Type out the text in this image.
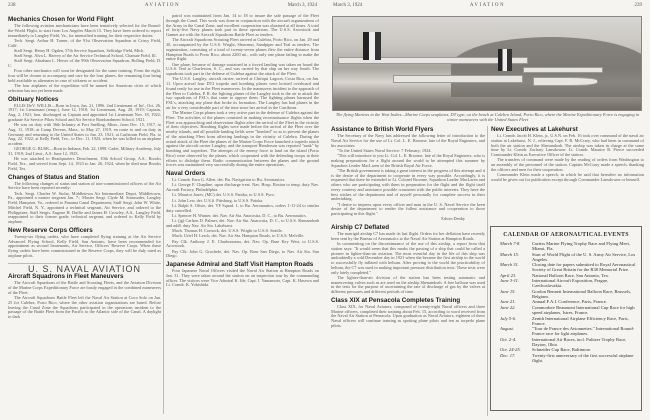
238	AVIATION	March 3, 1924
Mechanics Chosen for World Flight

The following aviation mechanicians have been tentatively selected for the Round-the-World Flight, to start from Los Angeles March 15. They have been ordered to report immediately to Langley Field, Va., for intensified training for their respective duties:

Tech. Sergt. Arthur H. Turner, of the 91st Observation Squadron at Crissy Field, Calif.

Staff Sergt. Henry H. Ogden, 57th Service Squadron, Selfridge Field, Mich.

Staff Sergt. Alva L. Harvey of the Air Service Technical School, Chanute Field, Ill.

Staff Sergt. Abraham L. Heiser of the 99th Observation Squadron, Bolling Field, D. C.

Four other mechanics will soon be designated for the same training. From the eight, four will be chosen to accompany and care for the four planes, the remaining four being held available as alternates in case of sickness or accident.

The four airplanes of the expedition will be named for American cities of which selection has not yet been made.

Obituary Notices

ELLIS DeV. WILLIS—Born in Iowa, Jan. 21, 1896. 2nd Lieutenant of Inf., Oct. 26, 1917; 1st Lieutenant (temp.), June 12, 1918; 1st Lieutenant, Aug. 28, 1919; Captain, Aug. 2, 1921; hon. discharged as Captain and appointed 1st Lieutenant Nov. 18, 1922; graduate Air Service Pilots School and Air Service Bombardment School, 1921.

He was on duty with 36th Infantry at Fort Snelling, Minn., from Dec. 15, 1917, to Aug. 11, 1918; at Camp Devens, Mass., to May 27, 1919, en route to and on duty in Germany and returning to the United States to Jan. 23, 1921; at Carlstrom Field, Fla. to Aug. 22, 1922; at Kelly Field, Tex., to Dec. 11, 1923, when he was killed in an airplane accident.

GEORGE G. BUSK—Born in Indiana, Feb. 22, 1898. Cadet, Military Academy, July 31, 1919; 2nd Lieut., A.S. June 12, 1923.

He was attached to Headquarters Detachment, 10th School Group, A.S., Brooks Field, Tex., and served from Sept. 14, 1923 to Jan. 26, 1924, when he died near Brooks Field, Tex.

Changes of Status and Station

The following changes of status and station of non-commissioned officers of the Air Service have been reported recently:

Tech. Sergt. Charles W. Stolar, Middletown Air Intermediate Depot, Middletown, Pa., appointed a master sergeant Jan. 7.; Master Sergt. Clyde M. Strausader, Langley Field, Hampton, Va., ordered to Panama Canal Department; Staff Sergt. John W. White, Mitchel Field, N. Y., appointed a technical sergeant, Air Service, and ordered to the Philippines; Staff Sergts. Eugene H. Duffie and James H. Crowley, A.S., Langley Field, reappointed to their former grade, technical sergeant, and ordered to Kelly Field by airplane.

New Reserve Corps Officers

Twenty-six flying cadets, who have completed flying training at the Air Service Advanced Flying School, Kelly Field, San Antonio, have been recommended for appointment as second lieutenants, Air Service, Officers' Reserve Corps. When these flying cadets have been commissioned in the Reserve Corps, they will be duly rated as airplane pilots.

U. S. NAVAL AVIATION
Aircraft Squadrons in Fleet Maneuvers

The Aircraft Squadrons of the Battle and Scouting Fleets, and the Aviation Division of the Marine Corps Expeditionary Force are busily engaged in the combined maneuvers of the Fleet.

The Aircraft Squadrons Battle Fleet left the Naval Air Station at Coco Solo on Jan. 25 for Culebra, Porto Rico, where the other aviation organizations are based. Before leaving the Canal Zone the Squadrons participated in the operations incident to the passage of the Battle Fleet from the Pacific to the Atlantic side of the Canal. A daylight to dark

patrol was maintained from Jan. 14 to 18 to insure the safe passage of the Fleet through the Canal. This work was done in conjunction with the aircraft organizations of the Army in the Canal Zone, and excellent cooperation was obtained at all times. A total of forty-five Navy planes took part in these operations. The U.S.S. Aroostook and Gannet are with the Aircraft Squadrons Battle Fleet as tenders.

The Aircraft Squadrons Scouting Fleet arrived at Culebra, Porto Rico, on Jan. 29 and 30, accompanied by the U.S.S. Wright, Shawmut, Sandpiper and Teal as tenders. The organization, consisting of a total of twenty-seven planes flew the entire distance from Hampton Roads to Porto Rico, about 2200 mi., with only one plane failing to make the entire flight.

One plane, because of damage sustained in a forced landing was taken on board the U.S.S. Teal at Charleston, S. C., and was carried by that ship on her way South. The squadrons took part in the defense of Culebra against the attack of the Fleet.

The U.S.S. Langley, aircraft carrier, arrived at Chiriqui Lagoon, Costa Rica, on Jan. 11. Upon arrival four DT2 torpedo and bombing planes were hoisted overboard and found ready for use in the Fleet maneuvers. In the maneuvers incident to the approach of the Fleet to Culebra, P. R. the fighting planes of the Langley took to the air to attack the two squadrons of FSL's that came to oppose them. The fighting planes harassed the FSL's, attacking any plane that broke its formation. The Langley has had planes in the air for a very considerable part of the time since her arrival in the Carribean.

The Marine Corps planes took a very active part in the defense of Culebra against the Fleet. The activities of the planes consisted in making reconnaissance flights when the Fleet was approaching and observation flights after the arrival of the Fleet in the vicinity of their objectives. Bombing flights were made before the arrival of the Fleet over the nearby islands, and all possible landing fields were "bombed" so as to prevent the planes of the attacking Fleet from affecting landings in the vicinity of Culebra. During the actual attack of the Fleet the planes of the Marine Corps Force launched a torpedo attack against the aircraft carrier Langley, and the transport Henderson was reported "sunk" by bombing and torpedoes. The attempts of the enemy force to land on the island (Porto Rico) were observed by the planes, which cooperated with the defending troops in their efforts to dislodge them. Radio communication between the planes and the ground forces was maintained very successfully during the entire operations.

Naval Orders

Lt. Comdr. Ezra G. Allen, det. Bu. Navigation to Bu. Aeronautics.

Lt. George F. Chapline, upon discharge treat. Nav. Hosp. Boston to temp. duty Nav. Aircraft Factory, Philadelphia.

Lt. Maurice Jones, (MC) det. U.S.S. Patoka, to U.S.S. Pyro.

Lt. John Lew, det. U.S.S. Pittsburg, to U.S.S. Patoka.

Lt. Ralph S. Oftsie, det. VF Squad. 1, to Bu. Aeronautics, orders 1-11-24 to similar duty cancelled.

Lt. Spencer H. Warner, det. Nav. Air Sta. Anacostia, D. C., to Bu. Aeronautics.

Lt. (jg) Carlton D. Palmer, det. Nav. Air Sta. Anacostia, D. C., to U.S.S. Shenandoah and addl. duty Nav. Air Sta. Lakehurst.

Mach. Thomas H. Cornock, det. U.S.S. Wright to U.S.S. Seattle.

Mach. Uriel H. Lesch, det. Nav. Air Sta. Hampton Roads, to U.S.S. Melville.

Pay Clk. Anthony J. E. Charbonneau, det. Nav. Op. Base Key West, to U.S.S. Aroostook.

Pay Clk. John G. Grochele, det. Nav. Op. Base San Diego, to Nav. Air Sta. San Diego.

Japanese Admiral and Staff Visit Hampton Roads

Four Japanese Naval Officers visited the Naval Air Station at Hampton Roads on Jan. 31. They were taken around the station on an inspection tour by the commanding officer. The visitors were Vice Admiral K. Ide, Capt. I. Yamamoto, Capt. K. Hasewa and Lt. Comdr. K. Yokishida.

March 3, 1924	AVIATION	239
The flying Marines in the West Indies—Marine Corps seaplanes, DT type, on the beach at Culebra Island, Porto Rico, where the Marine Expeditionary Force is engaging in winter maneuvers with the United States Fleet
Assistance to British World Flyers

The Secretary of the Navy has addressed the following letter of introduction to the Naval Air Service for the use of Lt. Col. L. E. Broome, late of the Royal Engineers, and his associates:

"To the United States Naval Service: 7 February, 1924.

"This will introduce to you Lt. Col. L. E. Broome, late of the Royal Engineers, who is making preparations for a flight around the world to be attempted this summer by Squadron Leader MacLaren of the British Royal Air Force.

"The British government is taking a great interest in the progress of this attempt and it is the desire of the department to cooperate in every way possible. Accordingly, it is requested that there be extended to Lt. Colonel Broome, Squadron Leader MacLaren and others who are participating with them in preparation for the flight and the flight itself every courtesy and assistance possible consistent with the public interests. They have the best wishes of the department and of myself personally for complete success in their undertaking.

"I desire to impress upon every officer and man in the U. S. Naval Service the keen desire of the department to render the fullest assistance and cooperation to those participating in this flight."

Edwin Denby

Airship C7 Deflated

The nonrigid airship C7 has made its last flight. Orders for her deflation have recently been sent by the Bureau of Aeronautics to the Naval Air Station at Hampton Roads.

In commenting on the discontinuance of the use of this airship, a report from that station says: "It would seem that this marks the passing of a ship that could be called a pioneer in lighter-than-air aviation. The most eventful day in the life of this ship was undoubtedly a cold December day in 1921 when she became the first airship in the world to successfully fly inflated with helium. After proving to the world the practicability of helium, the C7 was used in making important pressure distribution tests. These tests were only lately completed."

The lighter-than-air division of the station has been testing automatic and maneuvering valves such as are used on the airship Shenandoah. A free balloon was used in the tests for the purpose of ascertaining the rate of discharge of gas by the valves at different pressures and different periods of time.

Class XIX at Pensacola Completes Training

Class XIX, for Naval Aviators, composed of twenty-eight Naval officers and three Marine officers, completed their training about Feb. 15, according to word received from the Naval Air Station at Pensacola. Upon graduation as Naval Aviators, eighteen of these Naval officers will continue training as spotting plane pilots and ten as torpedo plane pilots.

New Executives at Lakehurst

Lt. Comdr. Jacob H. Klein, jr., U.S.N. on Feb. 16 took over command of the naval air station at Lakehurst, N. J., relieving Capt. F. R. McCrary, who had been in command of both the air station and the Shenandoah. The airship was taken in charge at the same time by Lt. Comdr. Zachary Lansdowne. Lt. Comdr. Maurice R. Pierce succeeded Commander Klein as Executive Officer of the station.

The transfers of command were made by the reading of orders from Washington to an assembly of the personnel of the station. Captain McCrary made a speech, thanking the officers and men for their cooperation.

Commander Klein made a speech, in which he said that hereafter no information would be given out for publication except through Commander Lansdowne or himself.

CALENDAR OF AERONAUTICAL EVENTS
March 7-8.	Curtiss Marine Flying Trophy Race and Flying Meet, Miami, Fla.
March 15.	Start of World Flight of the U. S. Army Air Service, Los Angeles.
March 31.	Closing date for papers submitted to Royal Aeronautical Society of Great Britain for the R38 Memorial Prize.
April 23.	National Balloon Race, San Antonio, Tex.
June 3-11.	International Aircraft Exposition, Prague, Czechoslovakia.
June 15.	Gordon Bennett International Balloon Race, Brussels, Belgium.
June 21.	Annual F.A.I. Conference, Paris, France.
June 22.	Commodore Beaumont International Cup Race for high speed airplanes, Istres, France.
July 5-6.	Zenith International Airplane Efficiency Race, Paris, France.
August.	"Tour de France des Avionnettes." International Round-France race for light airplanes.
Oct. 2-4.	International Air Races, incl. Pulitzer Trophy Race, Dayton, Ohio.
Oct. 24-25.	Schneider Cup Race, Baltimore.
Dec. 17.	Twenty-first anniversary of the first successful airplane flight.
